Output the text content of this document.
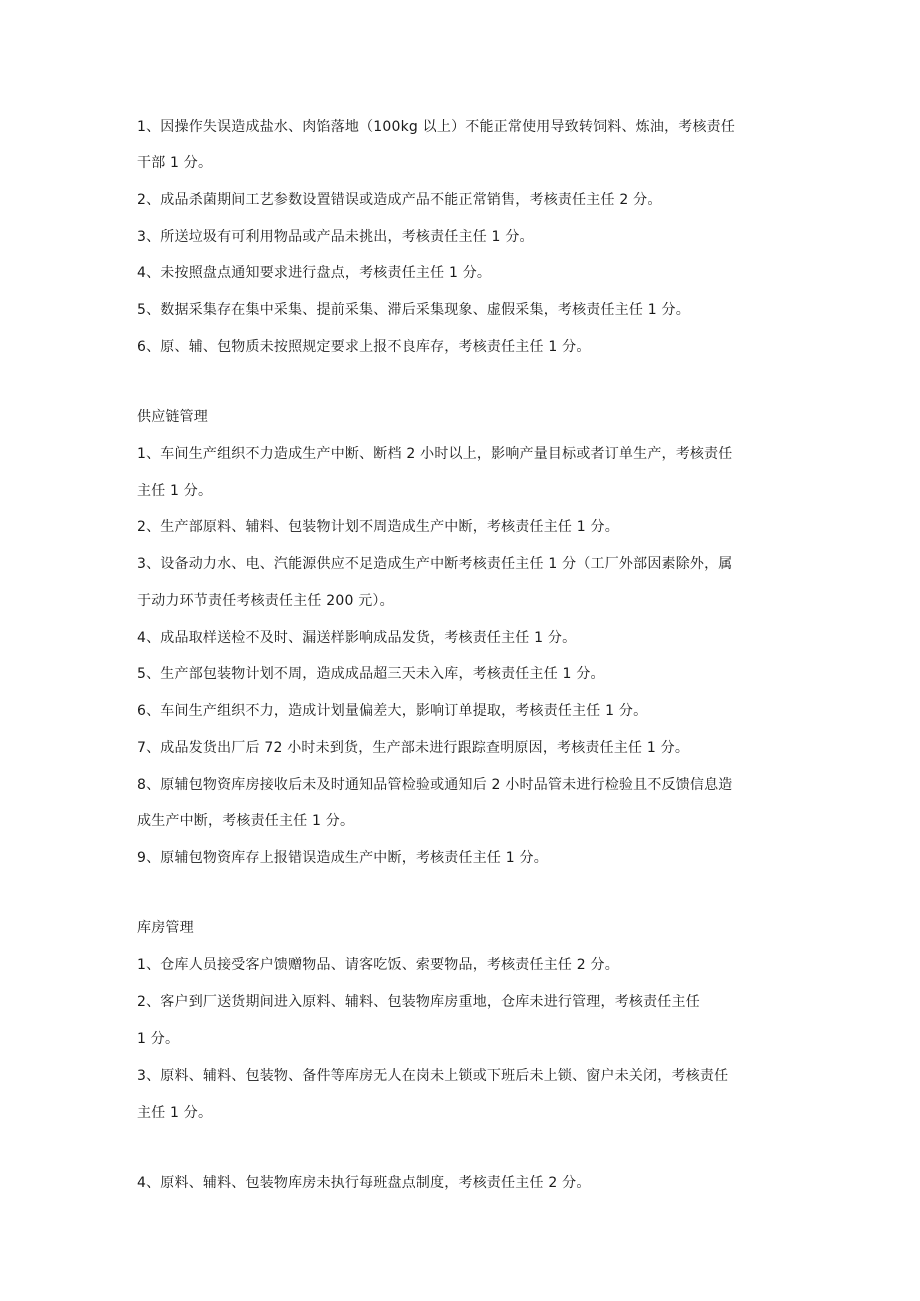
1、因操作失误造成盐水、肉馅落地（100kg 以上）不能正常使用导致转饲料、炼油，考核责任
干部 1 分。
2、成品杀菌期间工艺参数设置错误或造成产品不能正常销售，考核责任主任 2 分。
3、所送垃圾有可利用物品或产品未挑出，考核责任主任 1 分。
4、未按照盘点通知要求进行盘点，考核责任主任 1 分。
5、数据采集存在集中采集、提前采集、滞后采集现象、虚假采集，考核责任主任 1 分。
6、原、辅、包物质未按照规定要求上报不良库存，考核责任主任 1 分。
供应链管理
1、车间生产组织不力造成生产中断、断档 2 小时以上，影响产量目标或者订单生产，考核责任
主任 1 分。
2、生产部原料、辅料、包装物计划不周造成生产中断，考核责任主任 1 分。
3、设备动力水、电、汽能源供应不足造成生产中断考核责任主任 1 分（工厂外部因素除外，属
于动力环节责任考核责任主任 200 元）。
4、成品取样送检不及时、漏送样影响成品发货，考核责任主任 1 分。
5、生产部包装物计划不周，造成成品超三天未入库，考核责任主任 1 分。
6、车间生产组织不力，造成计划量偏差大，影响订单提取，考核责任主任 1 分。
7、成品发货出厂后 72 小时未到货，生产部未进行跟踪查明原因，考核责任主任 1 分。
8、原辅包物资库房接收后未及时通知品管检验或通知后 2 小时品管未进行检验且不反馈信息造
成生产中断，考核责任主任 1 分。
9、原辅包物资库存上报错误造成生产中断，考核责任主任 1 分。
库房管理
1、仓库人员接受客户馈赠物品、请客吃饭、索要物品，考核责任主任 2 分。
2、客户到厂送货期间进入原料、辅料、包装物库房重地，仓库未进行管理，考核责任主任
1 分。
3、原料、辅料、包装物、备件等库房无人在岗未上锁或下班后未上锁、窗户未关闭，考核责任
主任 1 分。
4、原料、辅料、包装物库房未执行每班盘点制度，考核责任主任 2 分。
